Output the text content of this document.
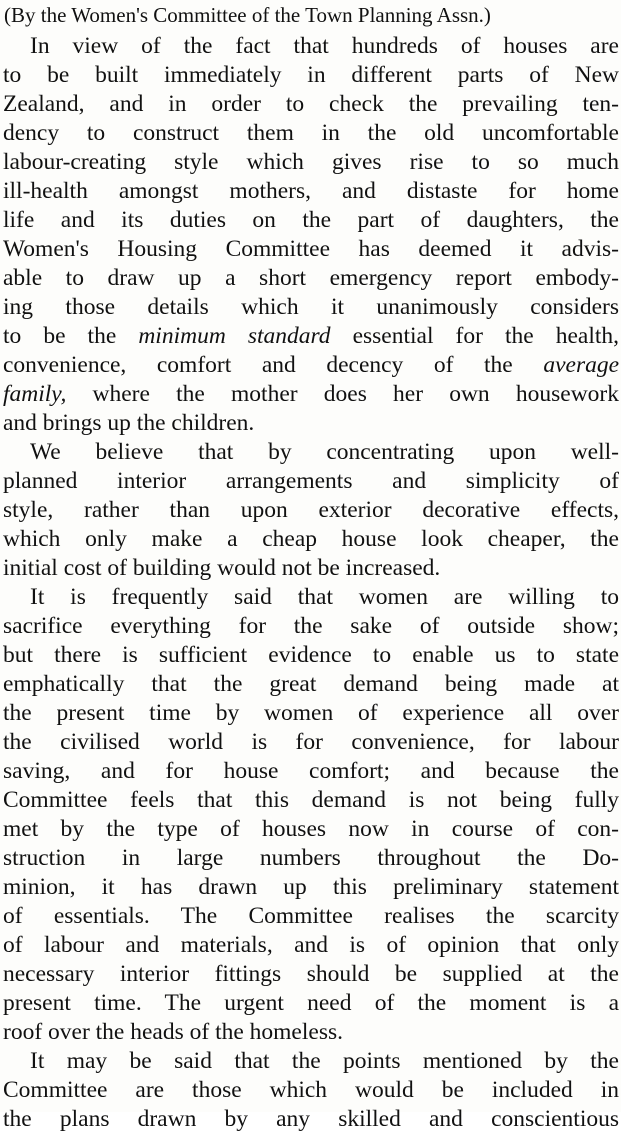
(By the Women's Committee of the Town Planning Assn.)
In view of the fact that hundreds of houses are
to be built immediately in different parts of New
Zealand, and in order to check the prevailing ten-
dency to construct them in the old uncomfortable
labour-creating style which gives rise to so much
ill-health amongst mothers, and distaste for home
life and its duties on the part of daughters, the
Women's Housing Committee has deemed it advis-
able to draw up a short emergency report embody-
ing those details which it unanimously considers
to be the minimum standard essential for the health,
convenience, comfort and decency of the average
family, where the mother does her own housework
and brings up the children.
We believe that by concentrating upon well-
planned interior arrangements and simplicity of
style, rather than upon exterior decorative effects,
which only make a cheap house look cheaper, the
initial cost of building would not be increased.
It is frequently said that women are willing to
sacrifice everything for the sake of outside show;
but there is sufficient evidence to enable us to state
emphatically that the great demand being made at
the present time by women of experience all over
the civilised world is for convenience, for labour
saving, and for house comfort; and because the
Committee feels that this demand is not being fully
met by the type of houses now in course of con-
struction in large numbers throughout the Do-
minion, it has drawn up this preliminary statement
of essentials. The Committee realises the scarcity
of labour and materials, and is of opinion that only
necessary interior fittings should be supplied at the
present time. The urgent need of the moment is a
roof over the heads of the homeless.
It may be said that the points mentioned by the
Committee are those which would be included in
the plans drawn by any skilled and conscientious
